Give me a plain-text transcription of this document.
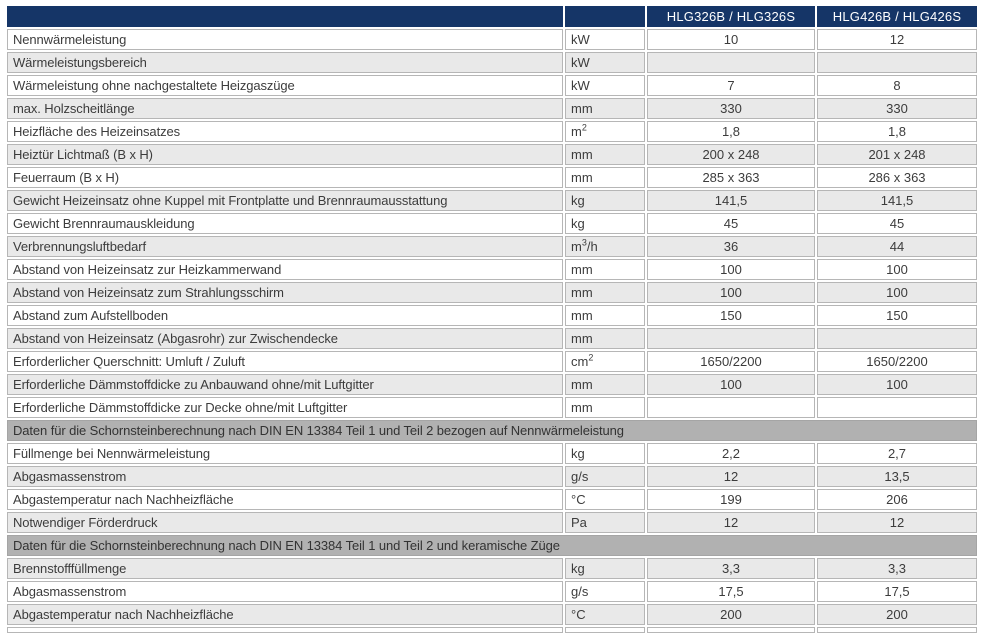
		HLG326B / HLG326S	HLG426B / HLG426S
Nennwärmeleistung	kW	10	12
Wärmeleistungsbereich	kW		
Wärmeleistung ohne nachgestaltete Heizgaszüge	kW	7	8
max. Holzscheitlänge	mm	330	330
Heizfläche des Heizeinsatzes	$m^2$	1,8	1,8
Heiztür Lichtmaß (B x H)	mm	200 x 248	201 x 248
Feuerraum (B x H)	mm	285 x 363	286 x 363
Gewicht Heizeinsatz ohne Kuppel mit Frontplatte und Brennraumausstattung	kg	141,5	141,5
Gewicht Brennraumauskleidung	kg	45	45
Verbrennungsluftbedarf	$m^3/h$	36	44
Abstand von Heizeinsatz zur Heizkammerwand	mm	100	100
Abstand von Heizeinsatz zum Strahlungsschirm	mm	100	100
Abstand zum Aufstellboden	mm	150	150
Abstand von Heizeinsatz (Abgasrohr) zur Zwischendecke	mm		
Erforderlicher Querschnitt: Umluft / Zuluft	$cm^2$	1650/2200	1650/2200
Erforderliche Dämmstoffdicke zu Anbauwand ohne/mit Luftgitter	mm	100	100
Erforderliche Dämmstoffdicke zur Decke ohne/mit Luftgitter	mm		
Daten für die Schornsteinberechnung nach DIN EN 13384 Teil 1 und Teil 2 bezogen auf Nennwärmeleistung			
Füllmenge bei Nennwärmeleistung	kg	2,2	2,7
Abgasmassenstrom	g/s	12	13,5
Abgastemperatur nach Nachheizfläche	°C	199	206
Notwendiger Förderdruck	Pa	12	12
Daten für die Schornsteinberechnung nach DIN EN 13384 Teil 1 und Teil 2 und keramische Züge			
Brennstofffüllmenge	kg	3,3	3,3
Abgasmassenstrom	g/s	17,5	17,5
Abgastemperatur nach Nachheizfläche	°C	200	200
